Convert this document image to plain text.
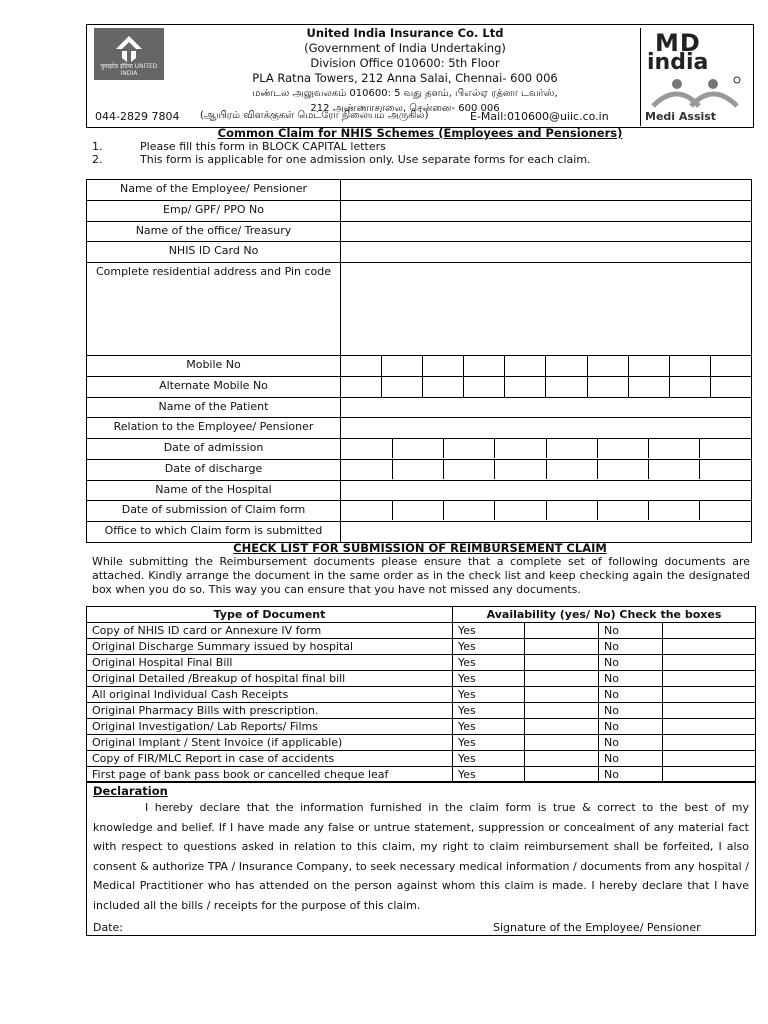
युनाइटेड इंडिया UNITED INDIA
United India Insurance Co. Ltd
(Government of India Undertaking)
Division Office 010600: 5th Floor
PLA Ratna Towers, 212 Anna Salai, Chennai- 600 006
மண்டல அலுவலகம் 010600: 5 வது தளம், பிஎல்ஏ ரத்னா டவர்ஸ்,
212 அண்ணாசாலை, சென்னை- 600 006
044-2829 7804 (ஆயிரம் விளக்குகள் மெட்ரோ நிலையம் அருகில்)	E-Mail:010600@uiic.co.in
MD
india
Medi Assist
Common Claim for NHIS Schemes (Employees and Pensioners)
1.	Please fill this form in BLOCK CAPITAL letters
2.	This form is applicable for one admission only. Use separate forms for each claim.
Name of the Employee/ Pensioner	
Emp/ GPF/ PPO No	
Name of the office/ Treasury	
NHIS ID Card No	
Complete residential address and Pin code	
Mobile No										
Alternate Mobile No										
Name of the Patient	
Relation to the Employee/ Pensioner	
Date of admission	

Date of discharge	

Name of the Hospital	
Date of submission of Claim form	

Office to which Claim form is submitted	
CHECK LIST FOR SUBMISSION OF REIMBURSEMENT CLAIM
While submitting the Reimbursement documents please ensure that a complete set of following documents are attached. Kindly arrange the document in the same order as in the check list and keep checking again the designated box when you do so. This way you can ensure that you have not missed any documents.
Type of Document	Availability (yes/ No) Check the boxes			
Copy of NHIS ID card or Annexure IV form	Yes		No	
Original Discharge Summary issued by hospital	Yes		No	
Original Hospital Final Bill	Yes		No	
Original Detailed /Breakup of hospital final bill	Yes		No	
All original Individual Cash Receipts	Yes		No	
Original Pharmacy Bills with prescription.	Yes		No	
Original Investigation/ Lab Reports/ Films	Yes		No	
Original Implant / Stent Invoice (if applicable)	Yes		No	
Copy of FIR/MLC Report in case of accidents	Yes		No	
First page of bank pass book or cancelled cheque leaf	Yes		No	
Declaration
I hereby declare that the information furnished in the claim form is true & correct to the best of my knowledge and belief. If I have made any false or untrue statement, suppression or concealment of any material fact with respect to questions asked in relation to this claim, my right to claim reimbursement shall be forfeited, I also consent & authorize TPA / Insurance Company, to seek necessary medical information / documents from any hospital / Medical Practitioner who has attended on the person against whom this claim is made. I hereby declare that I have included all the bills / receipts for the purpose of this claim.
Date:	Signature of the Employee/ Pensioner
